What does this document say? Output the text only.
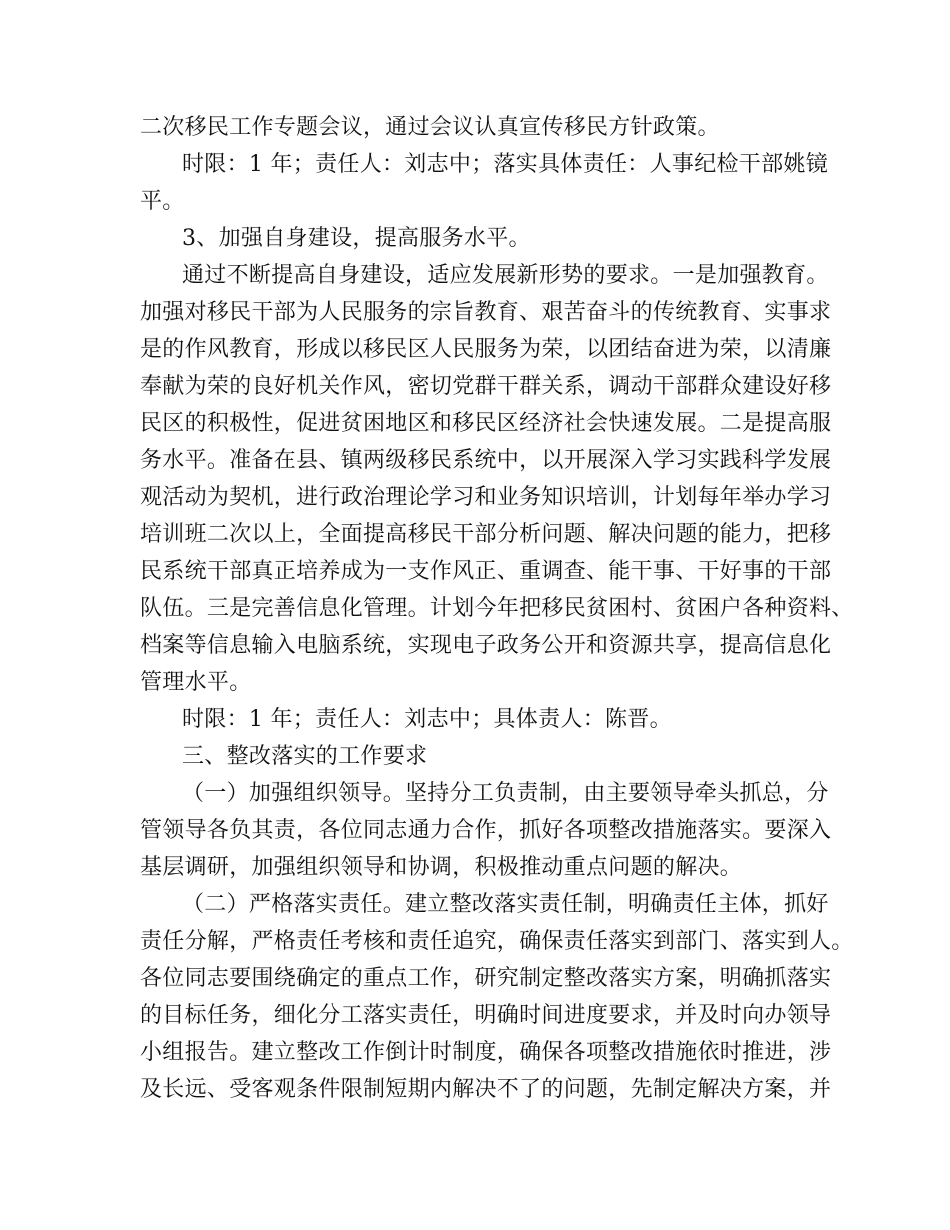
二次移民工作专题会议，通过会议认真宣传移民方针政策。
时限：1 年；责任人：刘志中；落实具体责任：人事纪检干部姚镜
平。
3、加强自身建设，提高服务水平。
通过不断提高自身建设，适应发展新形势的要求。一是加强教育。
加强对移民干部为人民服务的宗旨教育、艰苦奋斗的传统教育、实事求
是的作风教育，形成以移民区人民服务为荣，以团结奋进为荣，以清廉
奉献为荣的良好机关作风，密切党群干群关系，调动干部群众建设好移
民区的积极性，促进贫困地区和移民区经济社会快速发展。二是提高服
务水平。准备在县、镇两级移民系统中，以开展深入学习实践科学发展
观活动为契机，进行政治理论学习和业务知识培训，计划每年举办学习
培训班二次以上，全面提高移民干部分析问题、解决问题的能力，把移
民系统干部真正培养成为一支作风正、重调查、能干事、干好事的干部
队伍。三是完善信息化管理。计划今年把移民贫困村、贫困户各种资料、
档案等信息输入电脑系统，实现电子政务公开和资源共享，提高信息化
管理水平。
时限：1 年；责任人：刘志中；具体责人：陈晋。
三、整改落实的工作要求
（一）加强组织领导。坚持分工负责制，由主要领导牵头抓总，分
管领导各负其责，各位同志通力合作，抓好各项整改措施落实。要深入
基层调研，加强组织领导和协调，积极推动重点问题的解决。
（二）严格落实责任。建立整改落实责任制，明确责任主体，抓好
责任分解，严格责任考核和责任追究，确保责任落实到部门、落实到人。
各位同志要围绕确定的重点工作，研究制定整改落实方案，明确抓落实
的目标任务，细化分工落实责任，明确时间进度要求，并及时向办领导
小组报告。建立整改工作倒计时制度，确保各项整改措施依时推进，涉
及长远、受客观条件限制短期内解决不了的问题，先制定解决方案，并
